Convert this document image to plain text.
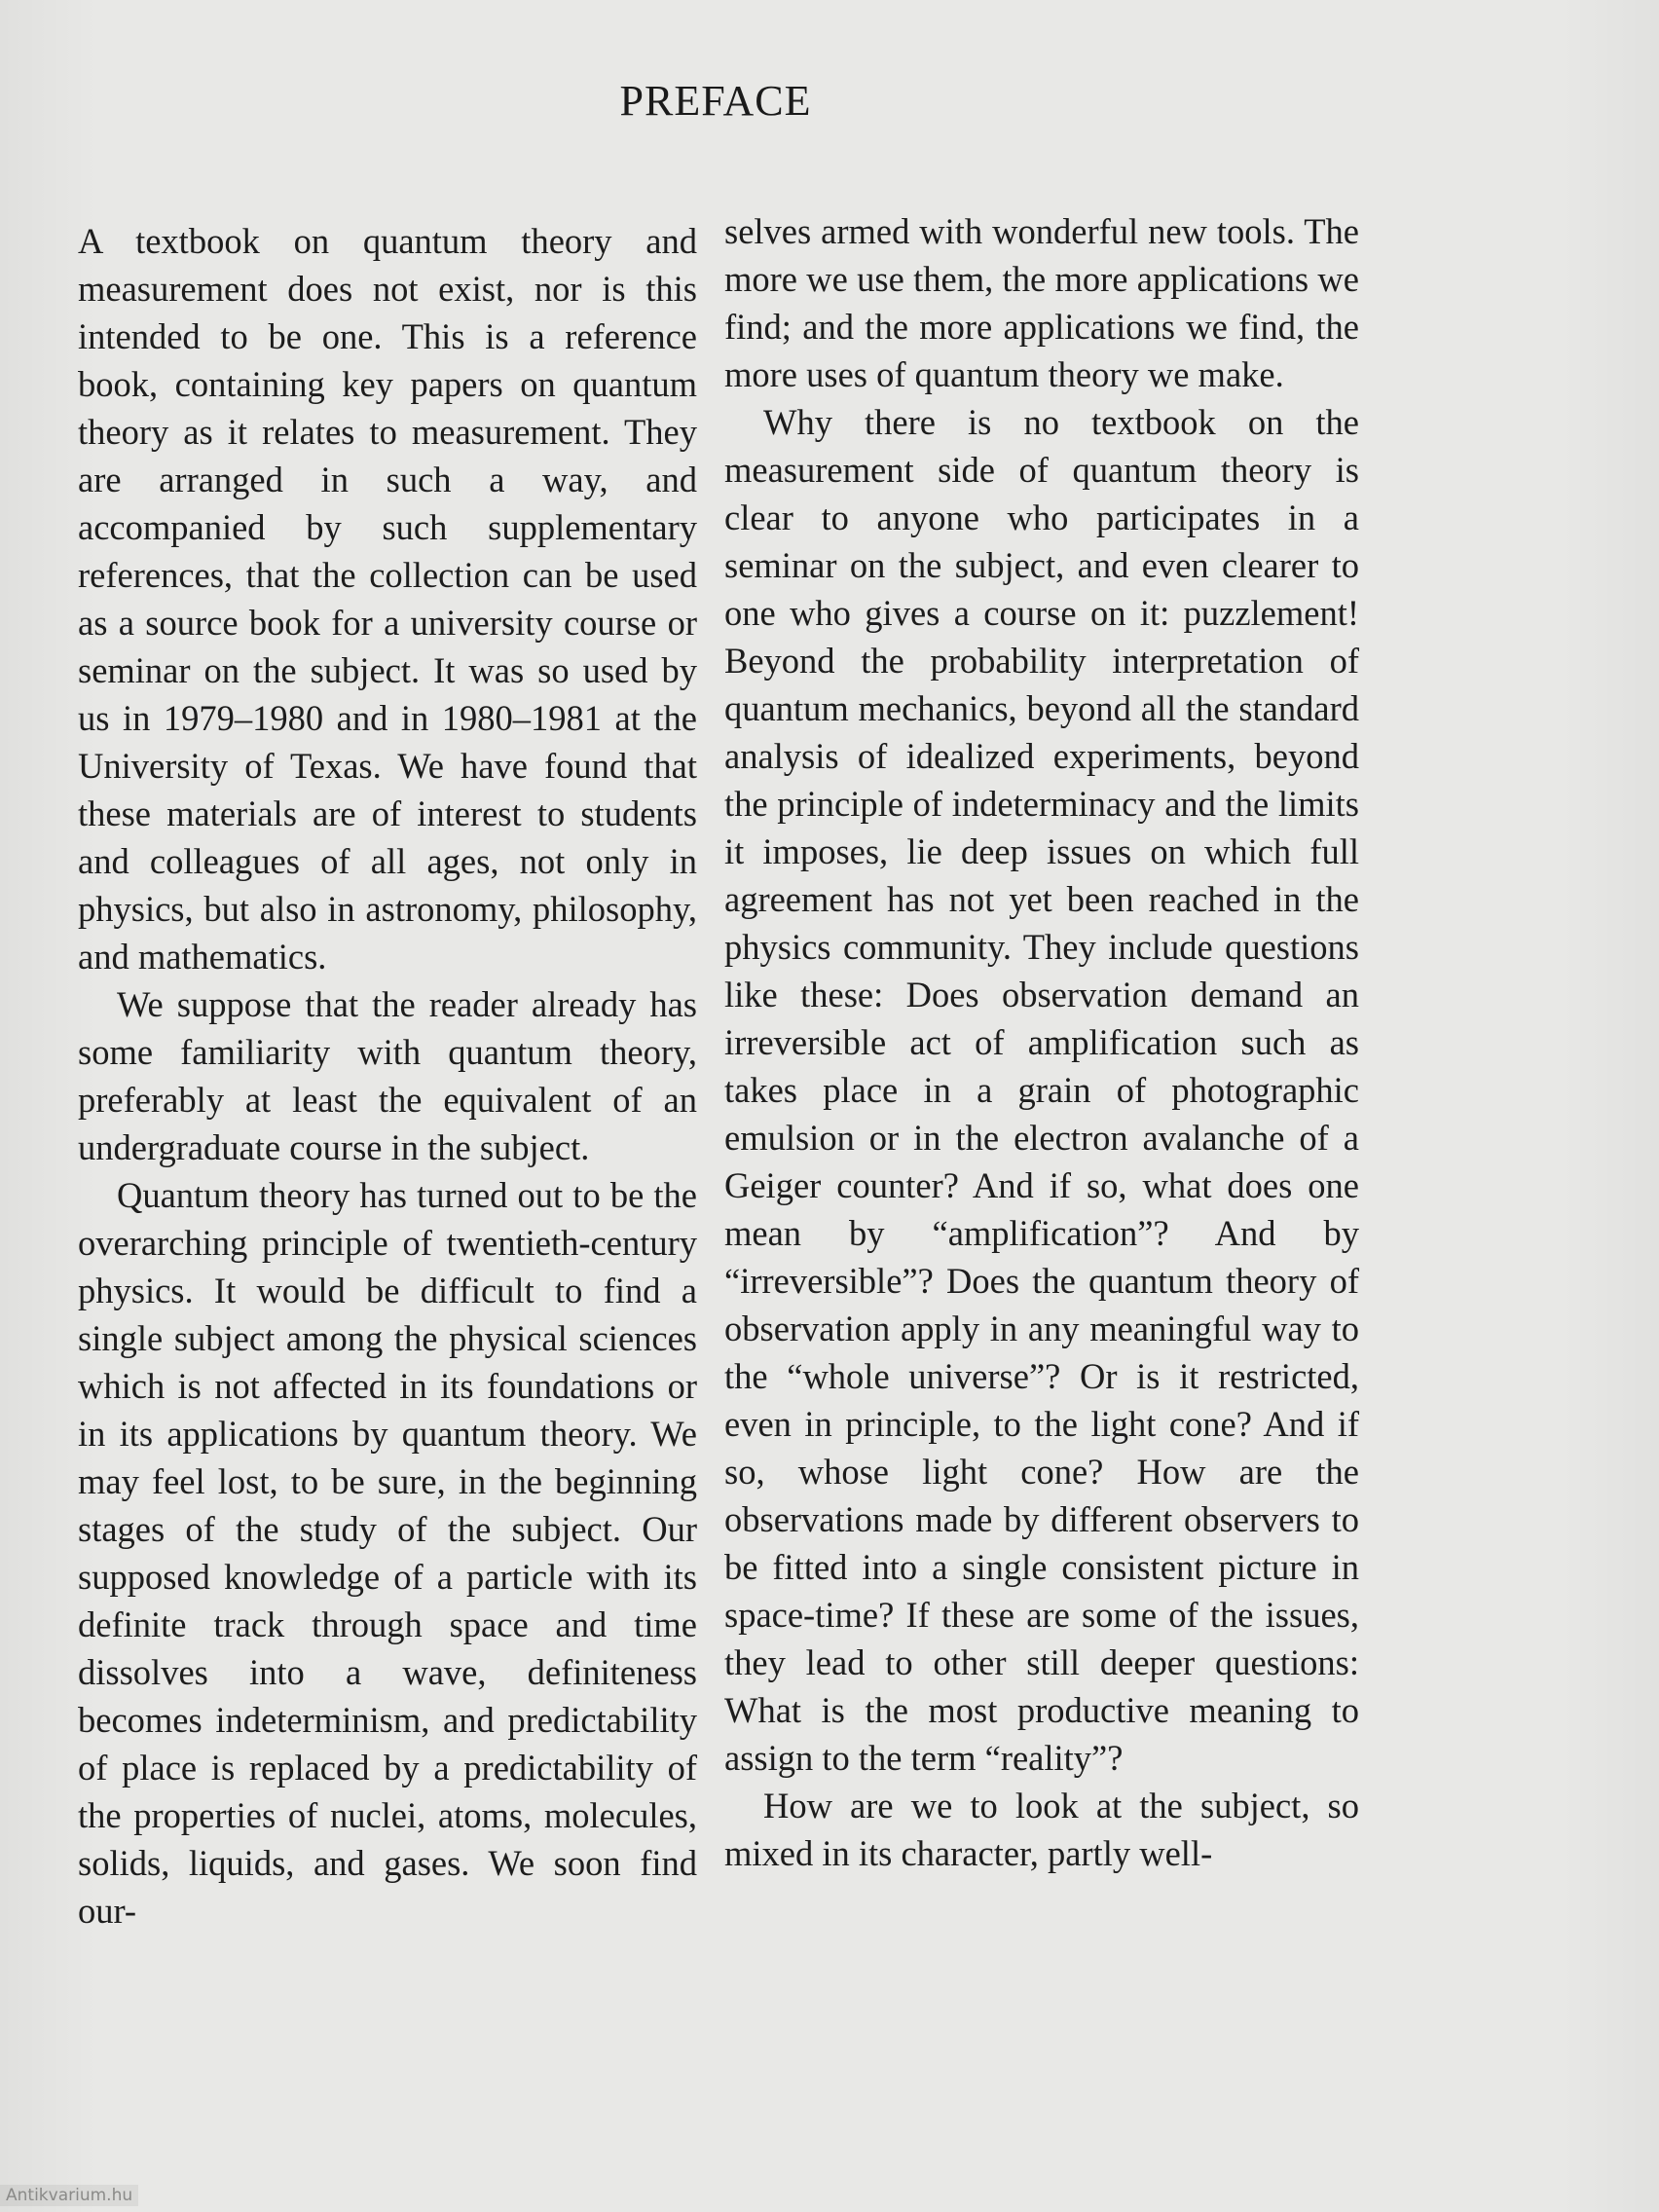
PREFACE

A textbook on quantum theory and measurement does not exist, nor is this intended to be one. This is a reference book, containing key papers on quantum theory as it relates to measurement. They are arranged in such a way, and accompanied by such supplementary references, that the collection can be used as a source book for a university course or seminar on the subject. It was so used by us in 1979–1980 and in 1980–1981 at the University of Texas. We have found that these materials are of interest to students and colleagues of all ages, not only in physics, but also in astronomy, philosophy, and mathematics.

We suppose that the reader already has some familiarity with quantum theory, preferably at least the equivalent of an undergraduate course in the subject.

Quantum theory has turned out to be the overarching principle of twentieth-century physics. It would be difficult to find a single subject among the physical sciences which is not affected in its foundations or in its applications by quantum theory. We may feel lost, to be sure, in the beginning stages of the study of the subject. Our supposed knowledge of a particle with its definite track through space and time dissolves into a wave, definiteness becomes indeterminism, and predictability of place is replaced by a predictability of the properties of nuclei, atoms, molecules, solids, liquids, and gases. We soon find our-

selves armed with wonderful new tools. The more we use them, the more applications we find; and the more applications we find, the more uses of quantum theory we make.

Why there is no textbook on the measurement side of quantum theory is clear to anyone who participates in a seminar on the subject, and even clearer to one who gives a course on it: puzzlement! Beyond the probability interpretation of quantum mechanics, beyond all the standard analysis of idealized experiments, beyond the principle of indeterminacy and the limits it imposes, lie deep issues on which full agreement has not yet been reached in the physics community. They include questions like these: Does observation demand an irreversible act of amplification such as takes place in a grain of photographic emulsion or in the electron avalanche of a Geiger counter? And if so, what does one mean by “amplification”? And by “irreversible”? Does the quantum theory of observation apply in any meaningful way to the “whole universe”? Or is it restricted, even in principle, to the light cone? And if so, whose light cone? How are the observations made by different observers to be fitted into a single consistent picture in space-time? If these are some of the issues, they lead to other still deeper questions: What is the most productive meaning to assign to the term “reality”?

How are we to look at the subject, so mixed in its character, partly well-

Antikvarium.hu
